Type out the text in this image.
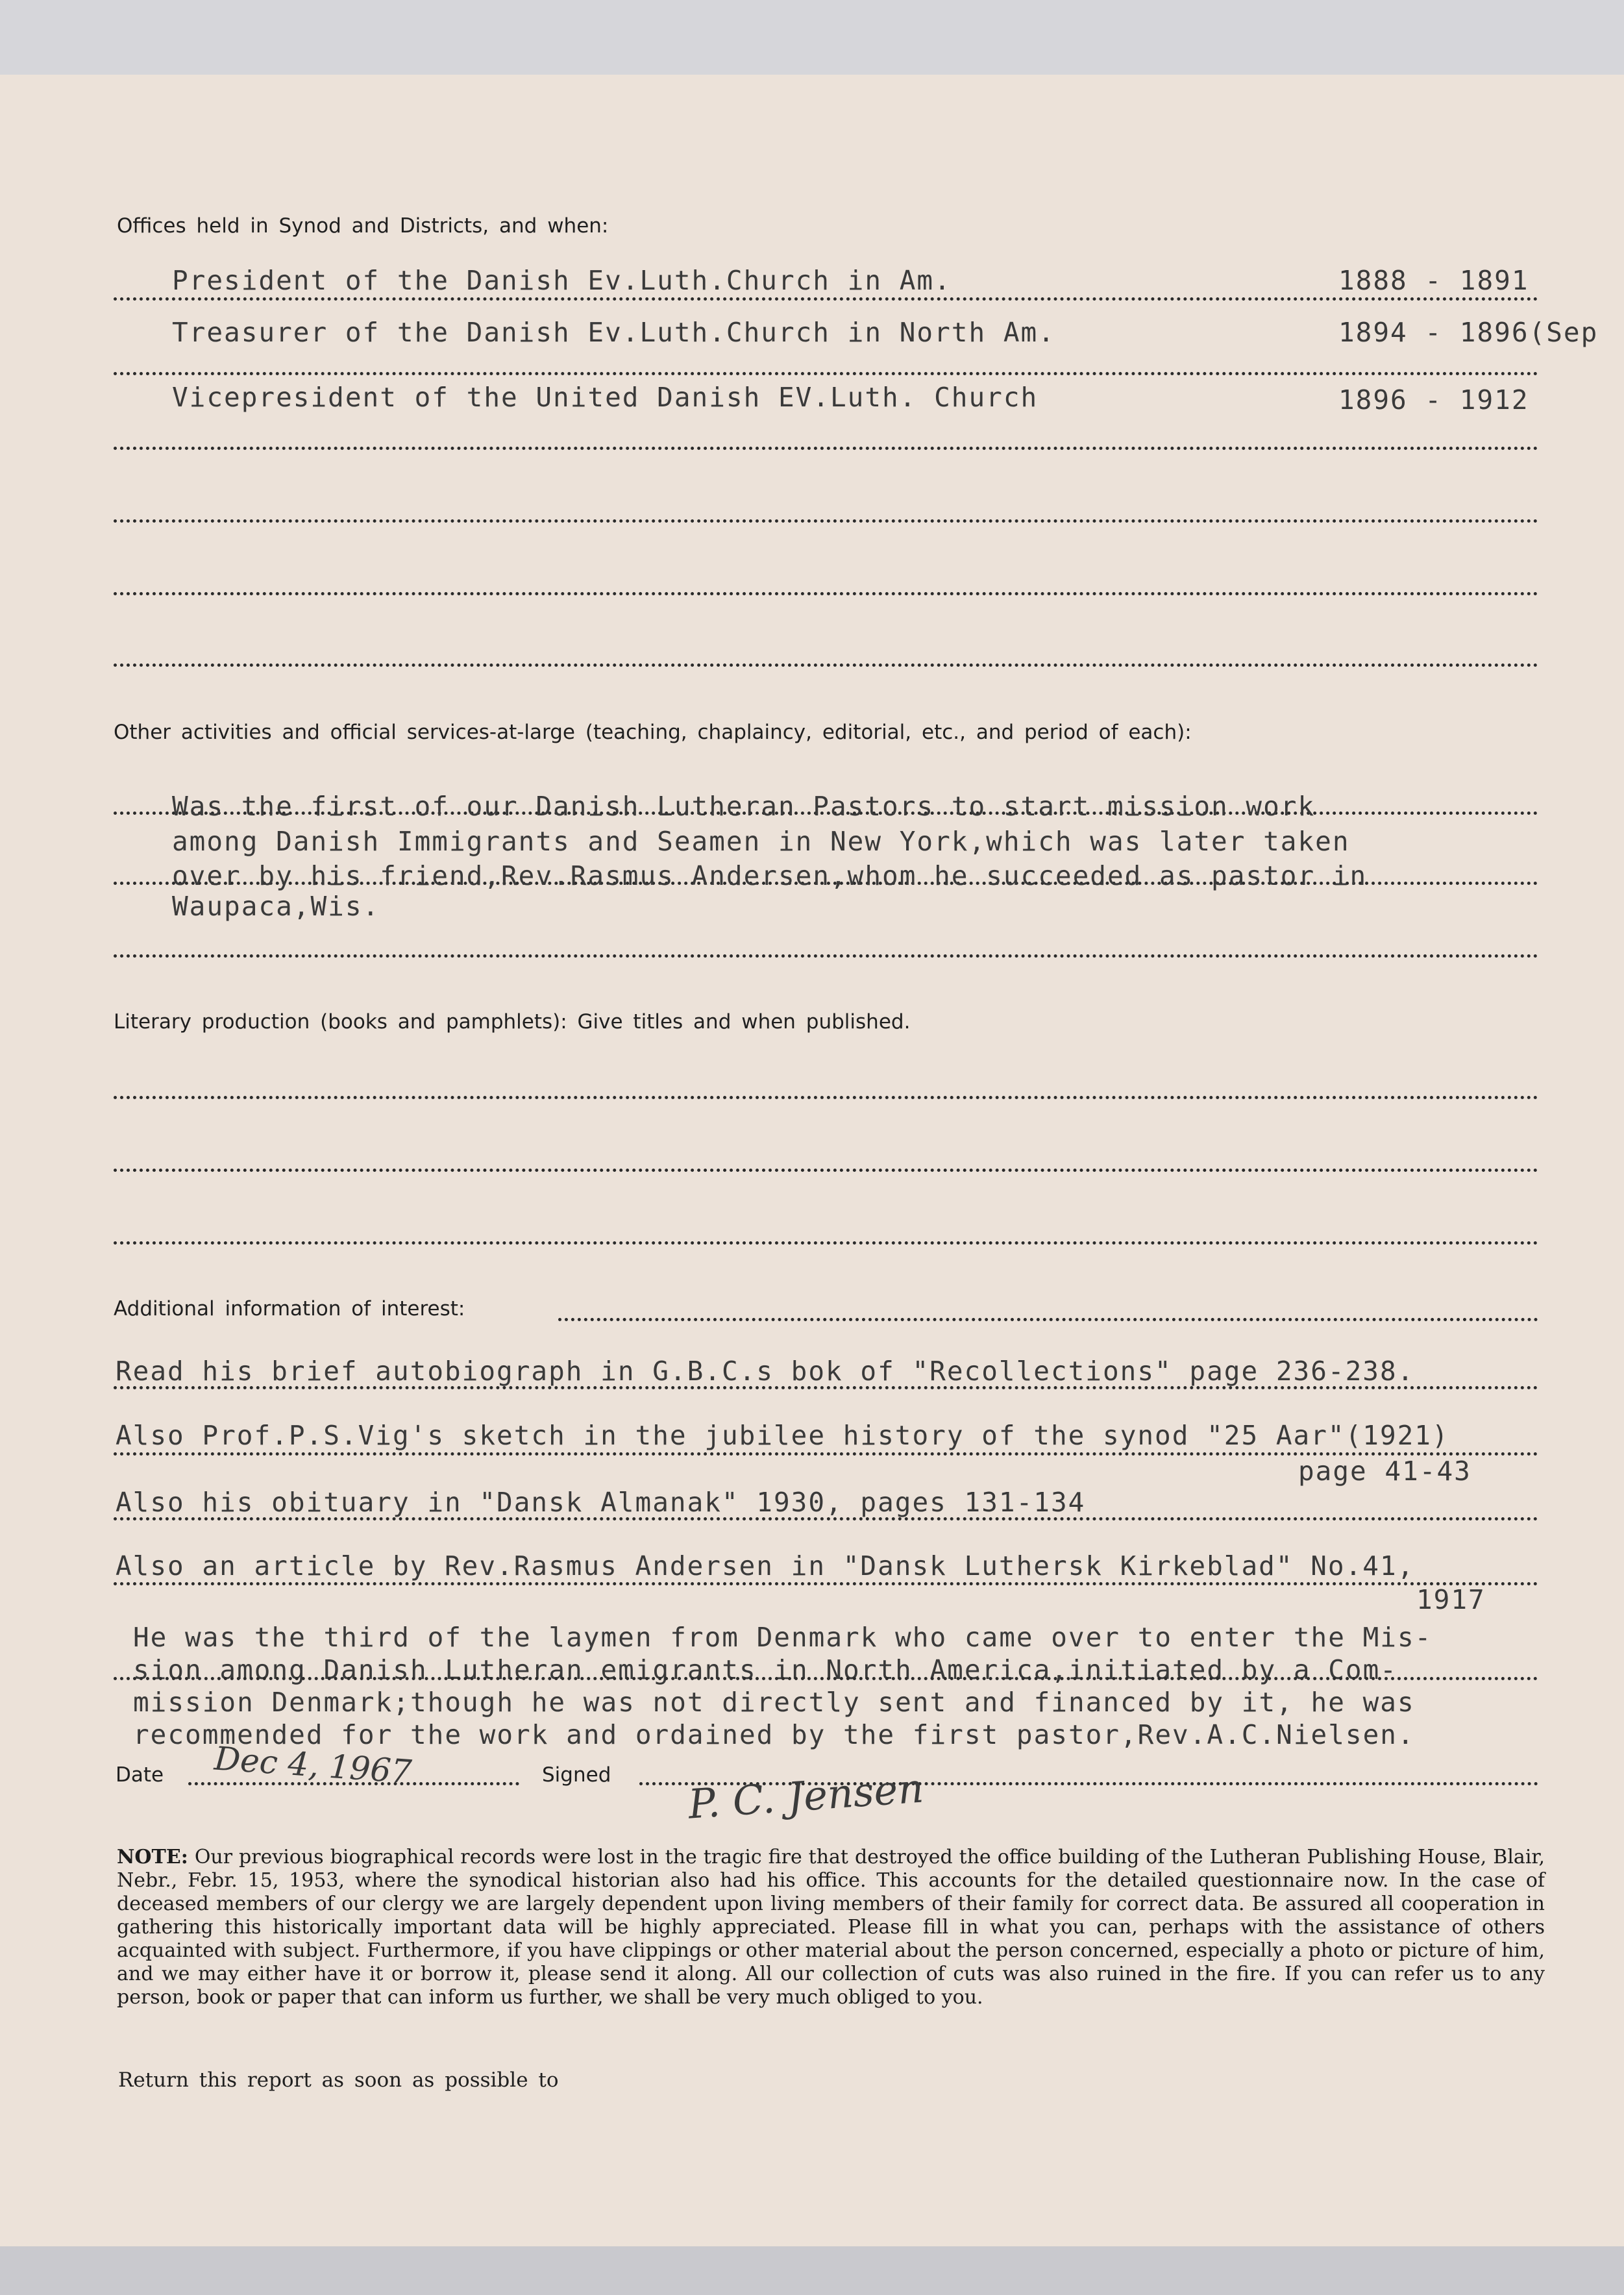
Offices held in Synod and Districts, and when:
President of the Danish Ev.Luth.Church in Am.	1888 - 1891
Treasurer of the Danish Ev.Luth.Church in North Am.	1894 - 1896(Sep
Vicepresident of the United Danish EV.Luth. Church	1896 - 1912
Other activities and official services-at-large (teaching, chaplaincy, editorial, etc., and period of each):
Was the first of our Danish Lutheran Pastors to start mission work
among Danish Immigrants and Seamen in New York,which was later taken
over by his friend,Rev.Rasmus Andersen,whom he succeeded as pastor in
Waupaca,Wis.
Literary production (books and pamphlets): Give titles and when published.
Additional information of interest:
Read his brief autobiograph in G.B.C.s bok of "Recollections" page 236-238.
Also Prof.P.S.Vig's sketch in the jubilee history of the synod "25 Aar"(1921)
page 41-43
Also his obituary in "Dansk Almanak" 1930, pages 131-134
Also an article by Rev.Rasmus Andersen in "Dansk Luthersk Kirkeblad" No.41,
1917
He was the third of the laymen from Denmark who came over to enter the Mis-
sion among Danish Lutheran emigrants in North America,initiated by a Com-
mission Denmark;though he was not directly sent and financed by it, he was
recommended for the work and ordained by the first pastor,Rev.A.C.Nielsen.
Date Dec 4, 1967	Signed P. C. Jensen
NOTE: Our previous biographical records were lost in the tragic fire that destroyed the office building of the Lutheran Publishing House, Blair, Nebr., Febr. 15, 1953, where the synodical historian also had his office. This accounts for the detailed questionnaire now. In the case of deceased members of our clergy we are largely dependent upon living members of their family for correct data. Be assured all cooperation in gathering this historically important data will be highly appreciated. Please fill in what you can, perhaps with the assistance of others acquainted with subject. Furthermore, if you have clippings or other material about the person concerned, especially a photo or picture of him, and we may either have it or borrow it, please send it along. All our collection of cuts was also ruined in the fire. If you can refer us to any person, book or paper that can inform us further, we shall be very much obliged to you.
Return this report as soon as possible to
